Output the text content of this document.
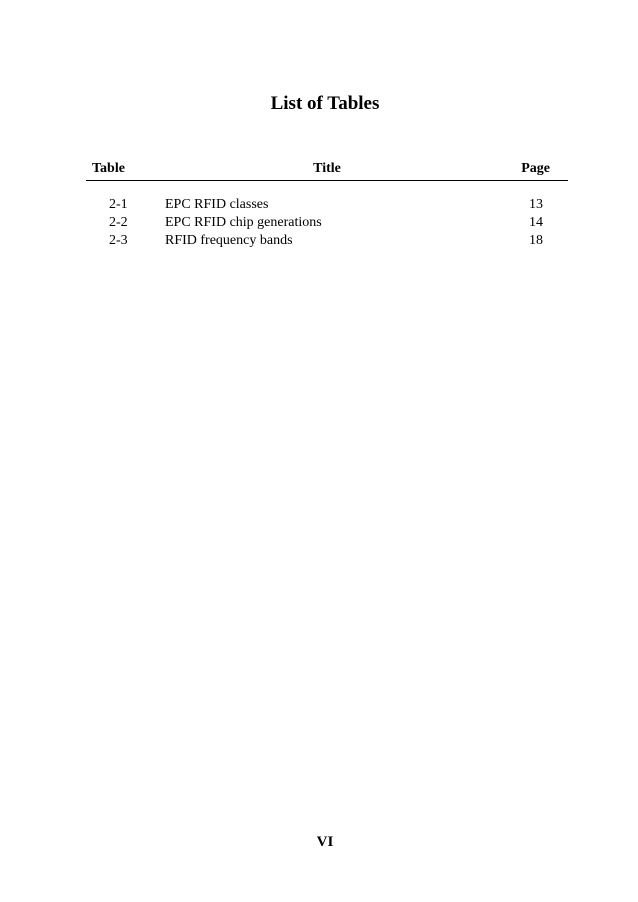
List of Tables
Table	Title	Page
2-1	EPC RFID classes	13
2-2	EPC RFID chip generations	14
2-3	RFID frequency bands	18
VI
